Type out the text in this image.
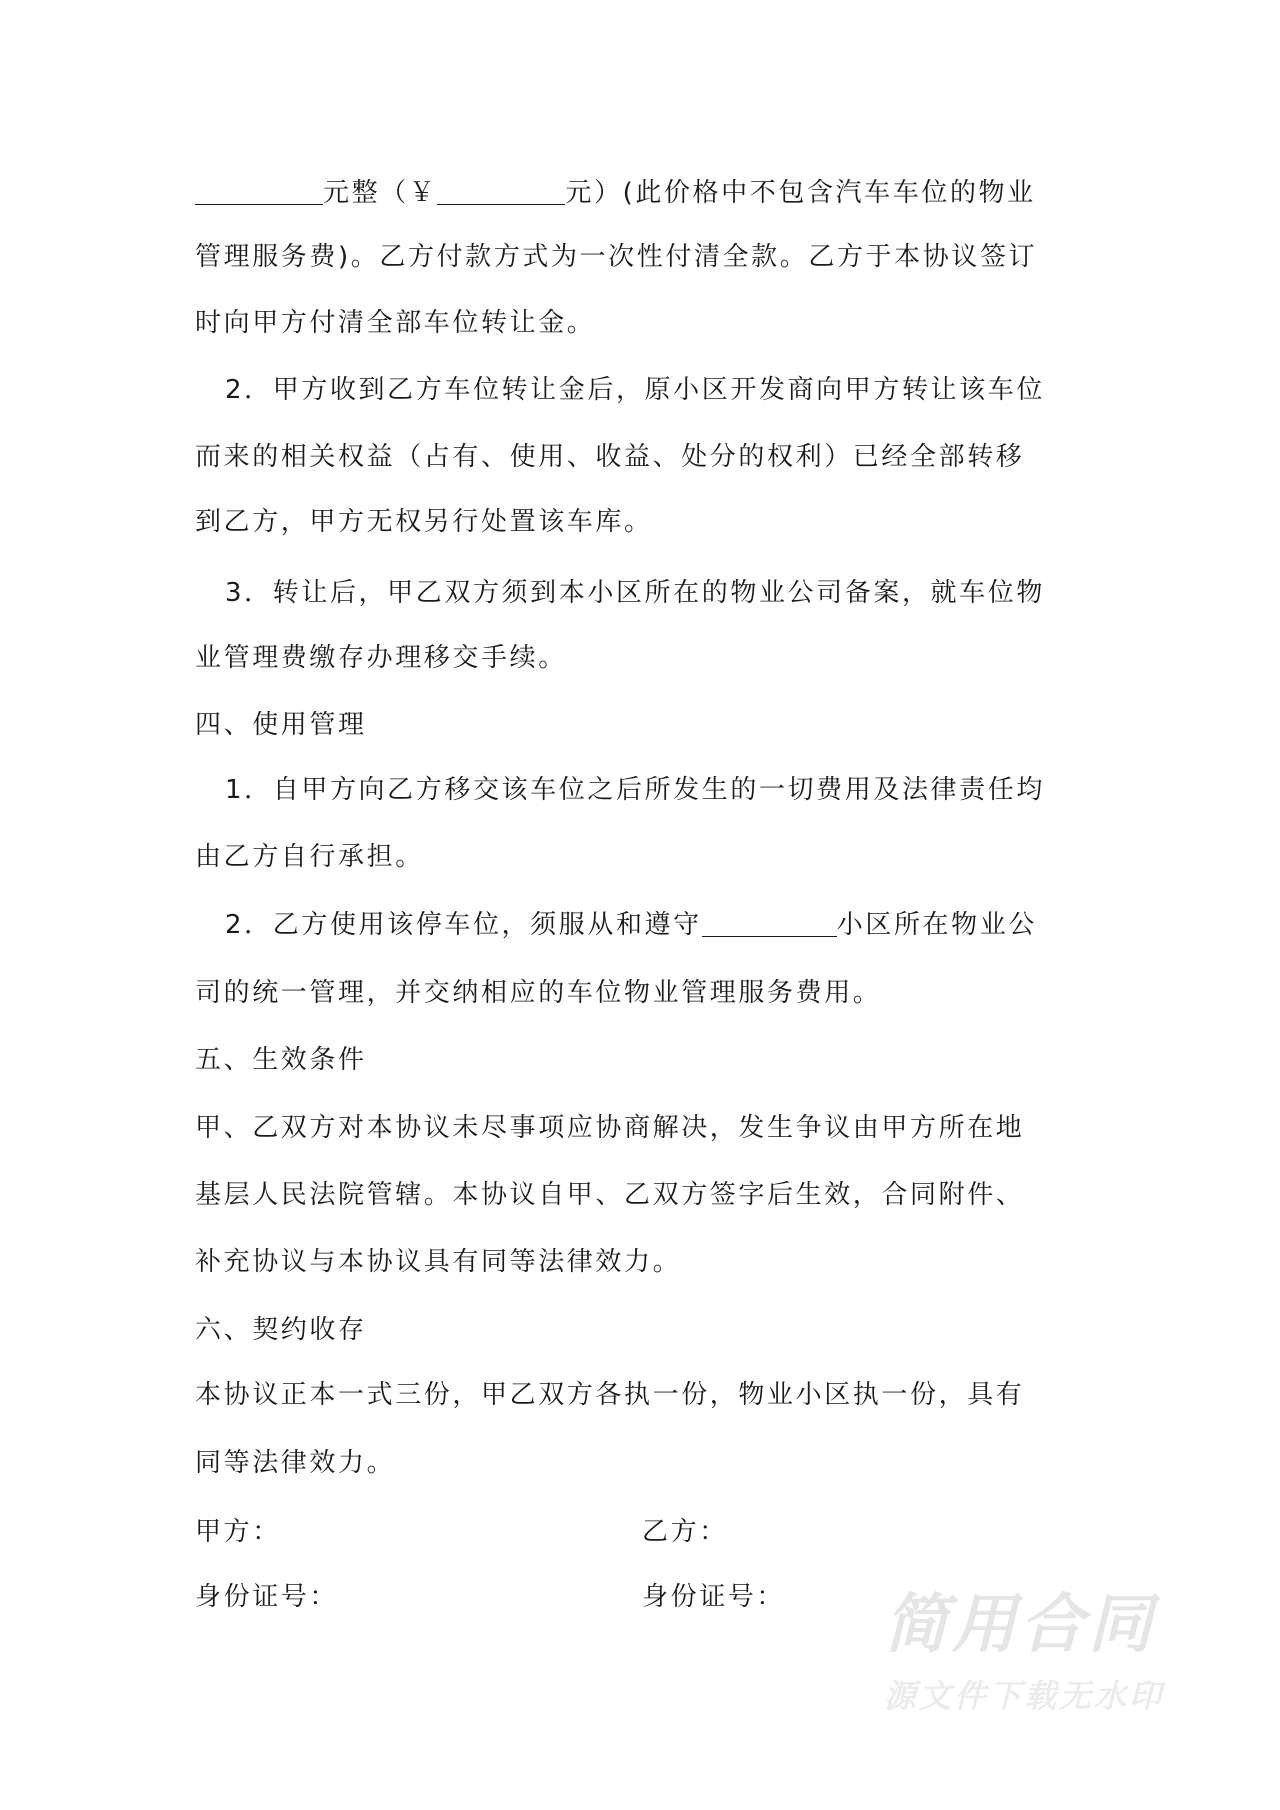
元整（￥	元）(此价格中不包含汽车车位的物业
管理服务费)。乙方付款方式为一次性付清全款。乙方于本协议签订
时向甲方付清全部车位转让金。
2．甲方收到乙方车位转让金后，原小区开发商向甲方转让该车位
而来的相关权益（占有、使用、收益、处分的权利）已经全部转移
到乙方，甲方无权另行处置该车库。
3．转让后，甲乙双方须到本小区所在的物业公司备案，就车位物
业管理费缴存办理移交手续。
四、使用管理
1．自甲方向乙方移交该车位之后所发生的一切费用及法律责任均
由乙方自行承担。
2．乙方使用该停车位，须服从和遵守	小区所在物业公
司的统一管理，并交纳相应的车位物业管理服务费用。
五、生效条件
甲、乙双方对本协议未尽事项应协商解决，发生争议由甲方所在地
基层人民法院管辖。本协议自甲、乙双方签字后生效，合同附件、
补充协议与本协议具有同等法律效力。
六、契约收存
本协议正本一式三份，甲乙双方各执一份，物业小区执一份，具有
同等法律效力。
甲方：	乙方：
身份证号：	身份证号： 简用合同
源文件下载无水印
